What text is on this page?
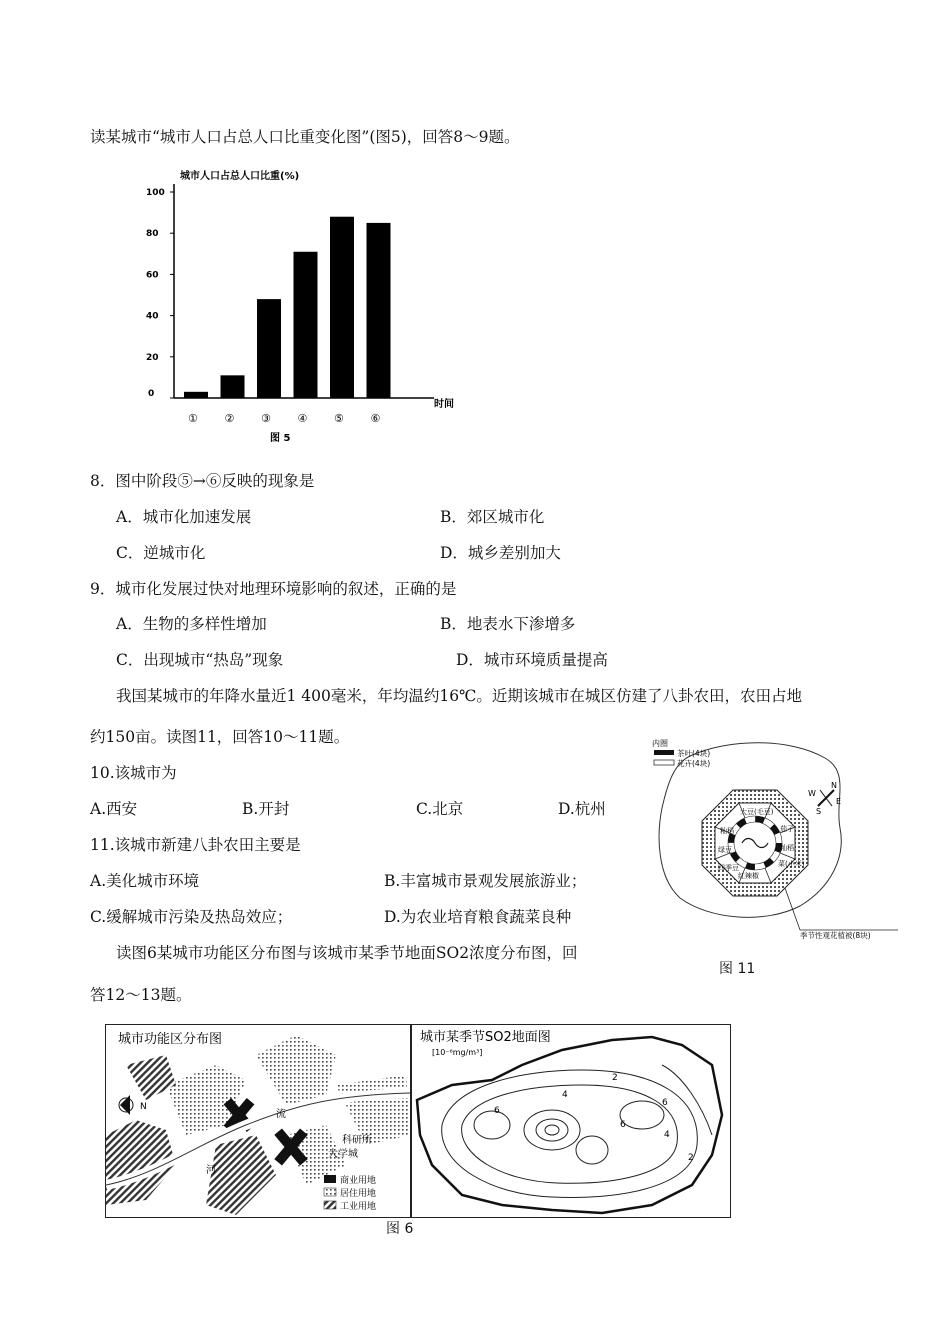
读某城市“城市人口占总人口比重变化图”(图5)，回答8～9题。
城市人口占总人口比重(%)
0
20
40
60
80
100
① ② ③ ④ ⑤ ⑥
时间
图 5
8．图中阶段⑤→⑥反映的现象是
A．城市化加速发展	B．郊区城市化
C．逆城市化	D．城乡差别加大
9．城市化发展过快对地理环境影响的叙述，正确的是
A．生物的多样性增加	B．地表水下渗增多
C．出现城市“热岛”现象	D．城市环境质量提高
我国某城市的年降水量近1 400毫米，年均温约16℃。近期该城市在城区仿建了八卦农田，农田占地
约150亩。读图11，回答10～11题。
10.该城市为
A.西安	B.开封	C.北京	D.杭州
11.该城市新建八卦农田主要是
A.美化城市环境	B.丰富城市景观发展旅游业；
C.缓解城市污染及热岛效应；	D.为农业培育粮食蔬菜良种
内圈
茶叶(4块)
花卉(4块)
大豆(毛豆)
茄子
籼稻
菜(小米)
红辣椒
四季豆
绿豆	籼稻
N
E
S
W
季节性观花植被(8块)
图 11
读图6某城市功能区分布图与该城市某季节地面SO2浓度分布图，回
答12～13题。
城市功能区分布图
N
流
河
科研所
大学城
商业用地
居住用地
工业用地
城市某季节SO2地面图
[10⁻⁶mg/m³]
2
4
6
6
6
4
2
图 6
